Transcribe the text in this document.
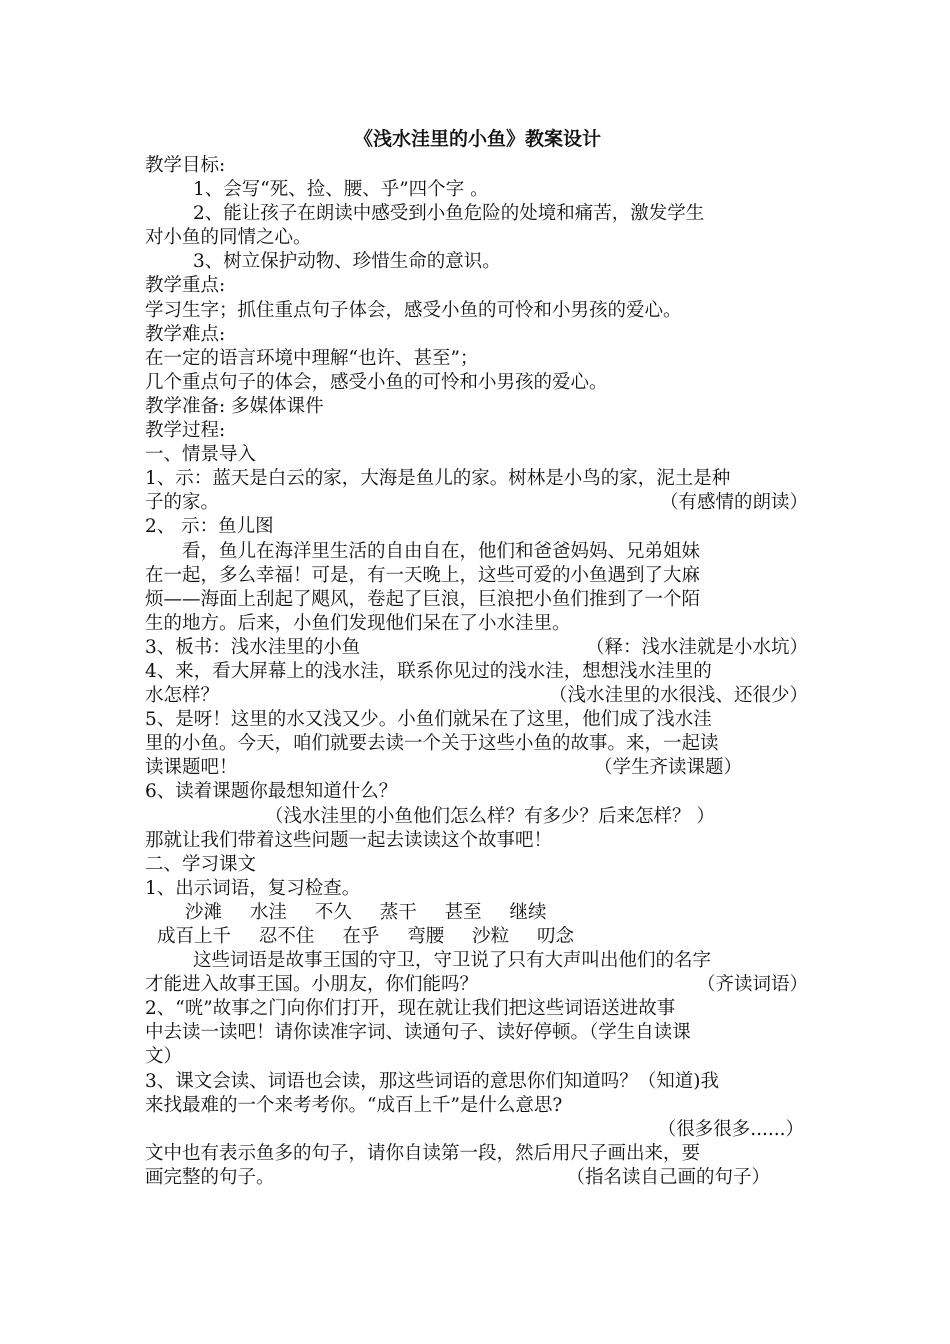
《浅水洼里的小鱼》教案设计
教学目标:
1、会写“死、捡、腰、乎”四个字 。
2、能让孩子在朗读中感受到小鱼危险的处境和痛苦，激发学生
对小鱼的同情之心。
3、树立保护动物、珍惜生命的意识。
教学重点:
学习生字；抓住重点句子体会，感受小鱼的可怜和小男孩的爱心。
教学难点:
在一定的语言环境中理解“也许、甚至”；
几个重点句子的体会，感受小鱼的可怜和小男孩的爱心。
教学准备: 多媒体课件
教学过程:
一、情景导入
1、示：蓝天是白云的家，大海是鱼儿的家。树林是小鸟的家，泥土是种
子的家。	（有感情的朗读）
2、 示：鱼儿图
看，鱼儿在海洋里生活的自由自在，他们和爸爸妈妈、兄弟姐妹
在一起，多么幸福！可是，有一天晚上，这些可爱的小鱼遇到了大麻
烦——海面上刮起了飓风，卷起了巨浪，巨浪把小鱼们推到了一个陌
生的地方。后来，小鱼们发现他们呆在了小水洼里。
3、板书：浅水洼里的小鱼	（释：浅水洼就是小水坑）
4、来，看大屏幕上的浅水洼，联系你见过的浅水洼，想想浅水洼里的
水怎样？	（浅水洼里的水很浅、还很少）
5、是呀！这里的水又浅又少。小鱼们就呆在了这里，他们成了浅水洼
里的小鱼。今天，咱们就要去读一个关于这些小鱼的故事。来，一起读
读课题吧！	（学生齐读课题）
6、读着课题你最想知道什么？
（浅水洼里的小鱼他们怎么样？有多少？后来怎样？ ）
那就让我们带着这些问题一起去读读这个故事吧！
二、学习课文
1、出示词语，复习检查。
沙滩 水洼 不久 蒸干 甚至 继续
成百上千 忍不住 在乎 弯腰 沙粒 叨念
这些词语是故事王国的守卫，守卫说了只有大声叫出他们的名字
才能进入故事王国。小朋友，你们能吗？	（齐读词语）
2、“咣”故事之门向你们打开，现在就让我们把这些词语送进故事
中去读一读吧！请你读准字词、读通句子、读好停顿。（学生自读课
文）
3、课文会读、词语也会读，那这些词语的意思你们知道吗？（知道)我
来找最难的一个来考考你。“成百上千”是什么意思?
（很多很多......）
文中也有表示鱼多的句子，请你自读第一段，然后用尺子画出来，要
画完整的句子。	（指名读自己画的句子）
